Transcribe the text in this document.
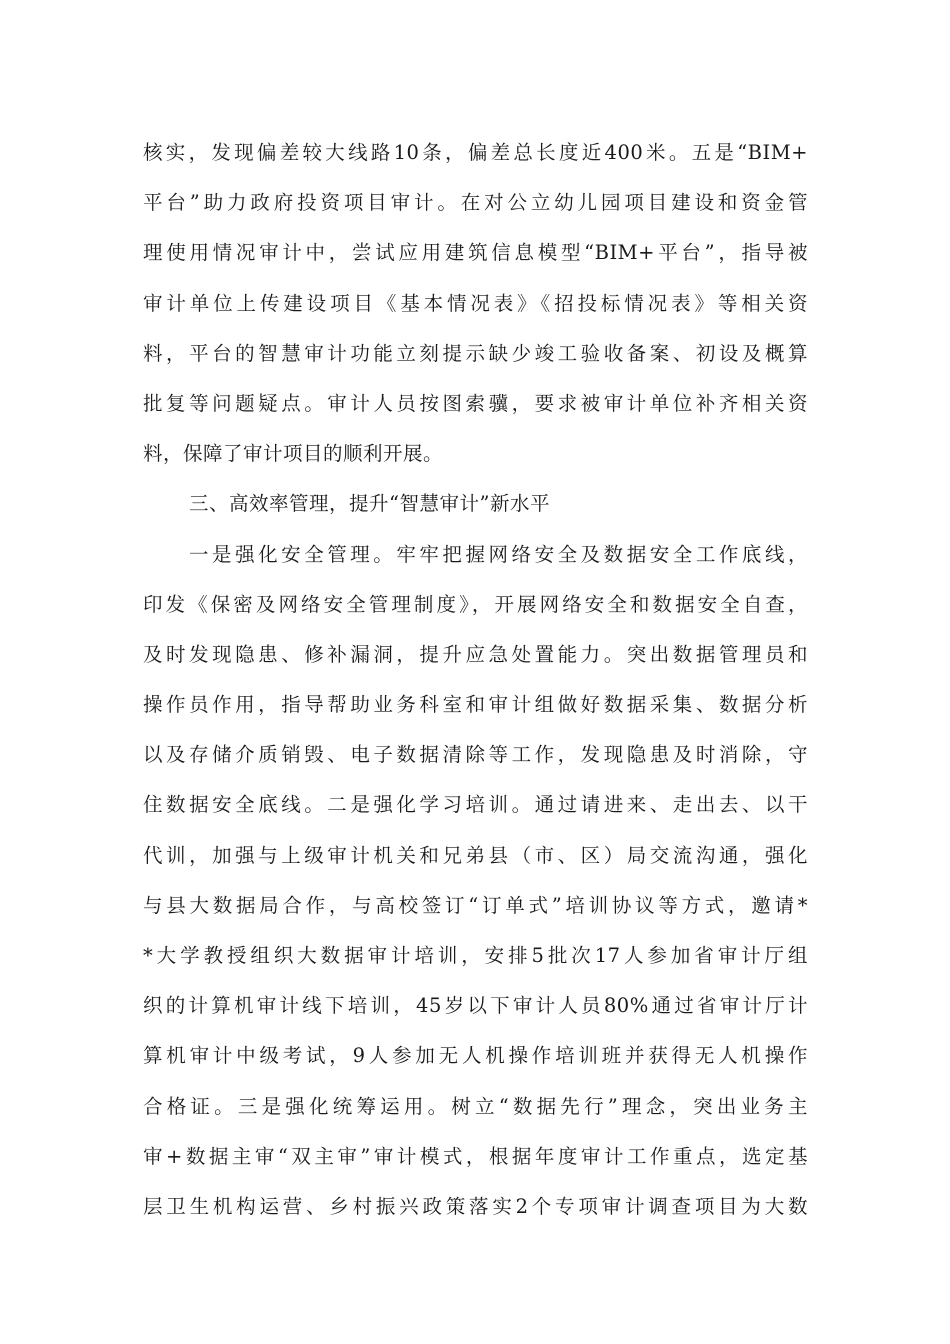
核实，发现偏差较大线路10条，偏差总长度近400米。五是“BIM+
平台”助力政府投资项目审计。在对公立幼儿园项目建设和资金管
理使用情况审计中，尝试应用建筑信息模型“BIM+平台”，指导被
审计单位上传建设项目《基本情况表》《招投标情况表》等相关资
料，平台的智慧审计功能立刻提示缺少竣工验收备案、初设及概算
批复等问题疑点。审计人员按图索骥，要求被审计单位补齐相关资
料，保障了审计项目的顺利开展。
三、高效率管理，提升“智慧审计”新水平
一是强化安全管理。牢牢把握网络安全及数据安全工作底线，
印发《保密及网络安全管理制度》，开展网络安全和数据安全自查，
及时发现隐患、修补漏洞，提升应急处置能力。突出数据管理员和
操作员作用，指导帮助业务科室和审计组做好数据采集、数据分析
以及存储介质销毁、电子数据清除等工作，发现隐患及时消除，守
住数据安全底线。二是强化学习培训。通过请进来、走出去、以干
代训，加强与上级审计机关和兄弟县（市、区）局交流沟通，强化
与县大数据局合作，与高校签订“订单式”培训协议等方式，邀请*
*大学教授组织大数据审计培训，安排5批次17人参加省审计厅组
织的计算机审计线下培训，45岁以下审计人员80%通过省审计厅计
算机审计中级考试，9人参加无人机操作培训班并获得无人机操作
合格证。三是强化统筹运用。树立“数据先行”理念，突出业务主
审+数据主审“双主审”审计模式，根据年度审计工作重点，选定基
层卫生机构运营、乡村振兴政策落实2个专项审计调查项目为大数
